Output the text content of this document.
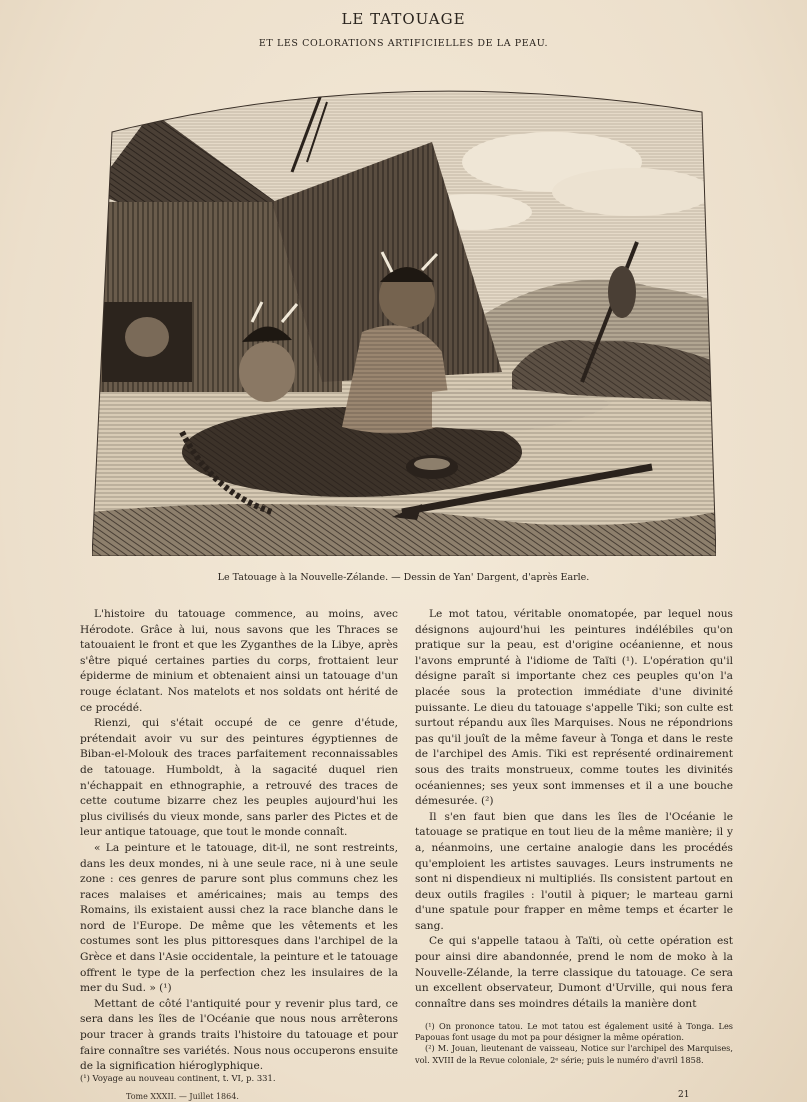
LE TATOUAGE
ET LES COLORATIONS ARTIFICIELLES DE LA PEAU.
Le Tatouage à la Nouvelle-Zélande. — Dessin de Yan' Dargent, d'après Earle.

L'histoire du tatouage commence, au moins, avec Hérodote. Grâce à lui, nous savons que les Thraces se tatouaient le front et que les Zyganthes de la Libye, après s'être piqué certaines parties du corps, frottaient leur épiderme de minium et obtenaient ainsi un tatouage d'un rouge éclatant. Nos matelots et nos soldats ont hérité de ce procédé.

Rienzi, qui s'était occupé de ce genre d'étude, prétendait avoir vu sur des peintures égyptiennes de Biban-el-Molouk des traces parfaitement reconnaissables de tatouage. Humboldt, à la sagacité duquel rien n'échappait en ethnographie, a retrouvé des traces de cette coutume bizarre chez les peuples aujourd'hui les plus civilisés du vieux monde, sans parler des Pictes et de leur antique tatouage, que tout le monde connaît.

« La peinture et le tatouage, dit-il, ne sont restreints, dans les deux mondes, ni à une seule race, ni à une seule zone : ces genres de parure sont plus communs chez les races malaises et américaines; mais au temps des Romains, ils existaient aussi chez la race blanche dans le nord de l'Europe. De même que les vêtements et les costumes sont les plus pittoresques dans l'archipel de la Grèce et dans l'Asie occidentale, la peinture et le tatouage offrent le type de la perfection chez les insulaires de la mer du Sud. » (¹)

Mettant de côté l'antiquité pour y revenir plus tard, ce sera dans les îles de l'Océanie que nous nous arrêterons pour tracer à grands traits l'histoire du tatouage et pour faire connaître ses variétés. Nous nous occuperons ensuite de la signification hiéroglyphique.

(¹) Voyage au nouveau continent, t. VI, p. 331.

Le mot tatou, véritable onomatopée, par lequel nous désignons aujourd'hui les peintures indélébiles qu'on pratique sur la peau, est d'origine océanienne, et nous l'avons emprunté à l'idiome de Taïti (¹). L'opération qu'il désigne paraît si importante chez ces peuples qu'on l'a placée sous la protection immédiate d'une divinité puissante. Le dieu du tatouage s'appelle Tiki; son culte est surtout répandu aux îles Marquises. Nous ne répondrions pas qu'il jouît de la même faveur à Tonga et dans le reste de l'archipel des Amis. Tiki est représenté ordinairement sous des traits monstrueux, comme toutes les divinités océaniennes; ses yeux sont immenses et il a une bouche démesurée. (²)

Il s'en faut bien que dans les îles de l'Océanie le tatouage se pratique en tout lieu de la même manière; il y a, néanmoins, une certaine analogie dans les procédés qu'emploient les artistes sauvages. Leurs instruments ne sont ni dispendieux ni multipliés. Ils consistent partout en deux outils fragiles : l'outil à piquer; le marteau garni d'une spatule pour frapper en même temps et écarter le sang.

Ce qui s'appelle tataou à Taïti, où cette opération est pour ainsi dire abandonnée, prend le nom de moko à la Nouvelle-Zélande, la terre classique du tatouage. Ce sera un excellent observateur, Dumont d'Urville, qui nous fera connaître dans ses moindres détails la manière dont

(¹) On prononce tatou. Le mot tatou est également usité à Tonga. Les Papouas font usage du mot pa pour désigner la même opération.

(²) M. Jouan, lieutenant de vaisseau, Notice sur l'archipel des Marquises, vol. XVIII de la Revue coloniale, 2ᵉ série; puis le numéro d'avril 1858.

Tome XXXII. — Juillet 1864.	21
